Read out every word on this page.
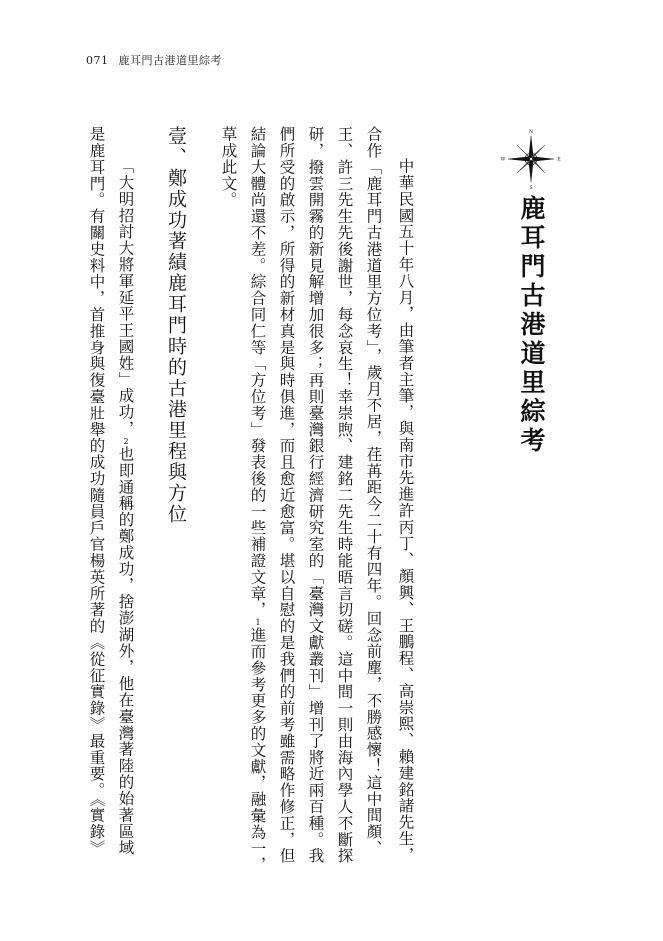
071 鹿耳門古港道里綜考
N
E
S
W
鹿耳門古港道里綜考
中華民國五十年八月，由筆者主筆，與南市先進許丙丁、顏興、王鵬程、高崇熙、賴建銘諸先生，
合作「鹿耳門古港道里方位考」，歲月不居，荏苒距今二十有四年。回念前塵，不勝感懷！這中間顏、
王、許三先生先後謝世，每念哀生！幸崇煦、建銘二先生時能晤言切磋。這中間一則由海內學人不斷探
研，撥雲開霧的新見解增加很多；再則臺灣銀行經濟研究室的「臺灣文獻叢刊」增刊了將近兩百種。我
們所受的啟示，所得的新材真是與時俱進，而且愈近愈富。堪以自慰的是我們的前考雖需略作修正，但
結論大體尚還不差。綜合同仁等「方位考」發表後的一些補證文章，1進而參考更多的文獻，融彙為一，
草成此文。
壹、鄭成功著績鹿耳門時的古港里程與方位
「大明招討大將軍延平王國姓」成功，2也即通稱的鄭成功，捨澎湖外，他在臺灣著陸的始著區域
是鹿耳門。有關史料中，首推身與復臺壯舉的成功隨員戶官楊英所著的《從征實錄》最重要。《實錄》
